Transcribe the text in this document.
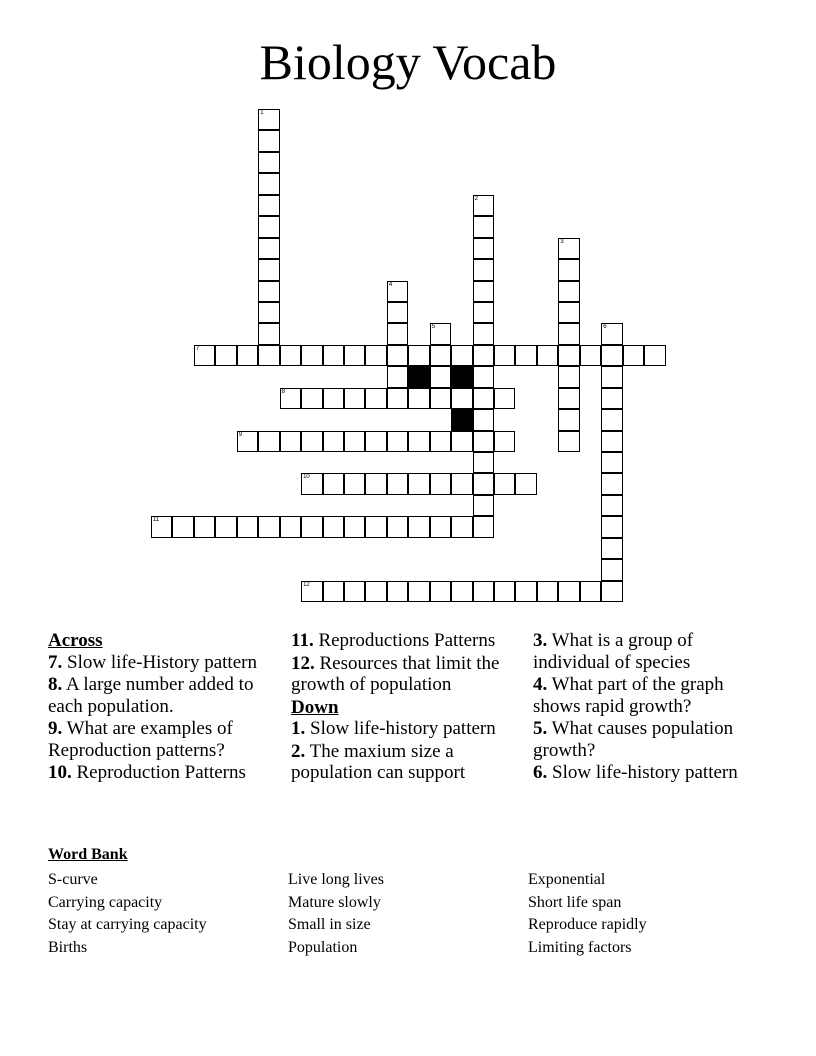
Biology Vocab
1
2
3
4
5	6
7
8
9
10
11
12
Across
7. Slow life-History pattern
8. A large number added to each population.
9. What are examples of Reproduction patterns?
10. Reproduction Patterns
11. Reproductions Patterns
12. Resources that limit the growth of population
Down
1. Slow life-history pattern
2. The maxium size a population can support
3. What is a group of individual of species
4. What part of the graph shows rapid growth?
5. What causes population growth?
6. Slow life-history pattern
Word Bank
S-curve
Carrying capacity
Stay at carrying capacity
Births
Live long lives
Mature slowly
Small in size
Population
Exponential
Short life span
Reproduce rapidly
Limiting factors
